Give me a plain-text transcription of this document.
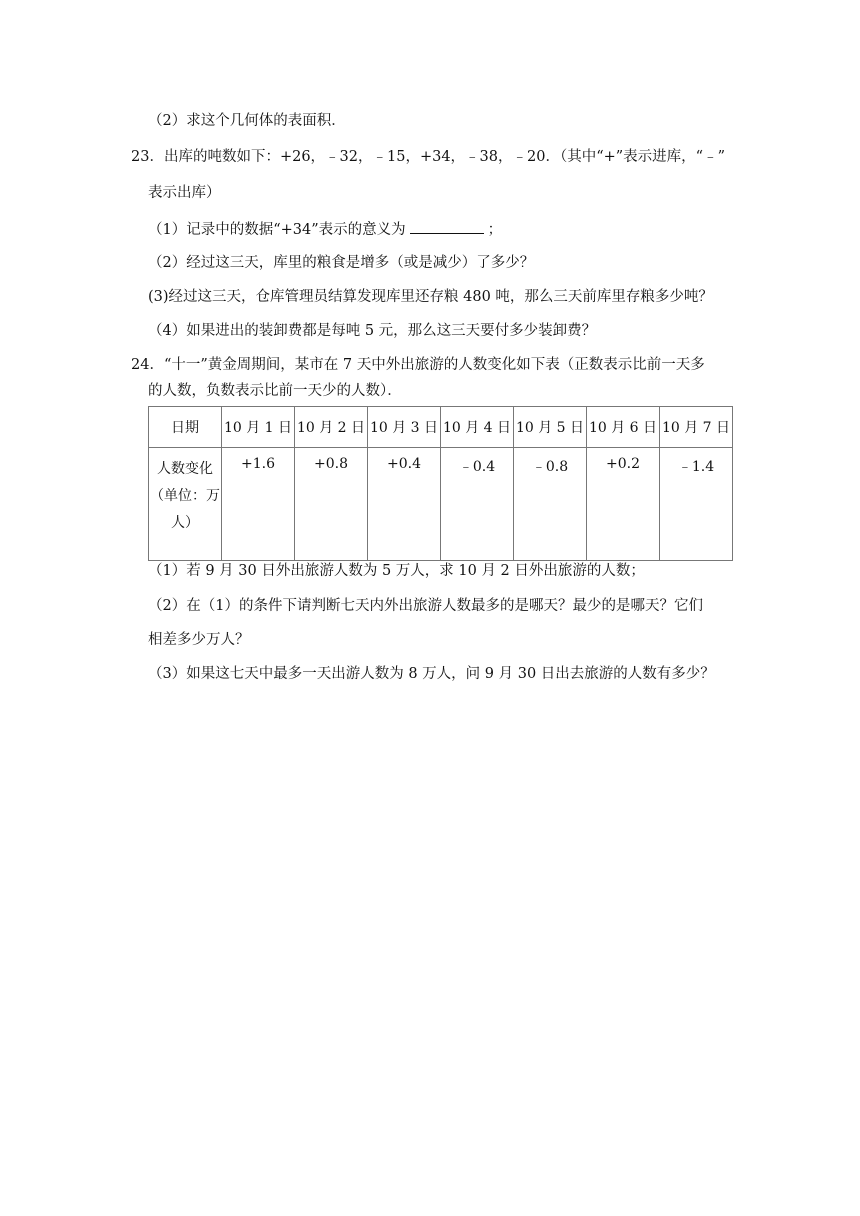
（2）求这个几何体的表面积．
23．出库的吨数如下：+26，﹣32，﹣15，+34，﹣38，﹣20．（其中“+”表示进库，“﹣”
表示出库）
（1）记录中的数据“+34”表示的意义为	；
（2）经过这三天，库里的粮食是增多（或是减少）了多少？
(3)经过这三天，仓库管理员结算发现库里还存粮 480 吨，那么三天前库里存粮多少吨？
（4）如果进出的装卸费都是每吨 5 元，那么这三天要付多少装卸费？
24．“十一”黄金周期间，某市在 7 天中外出旅游的人数变化如下表（正数表示比前一天多
的人数，负数表示比前一天少的人数）．
日期	10 月 1 日	10 月 2 日	10 月 3 日	10 月 4 日	10 月 5 日	10 月 6 日	10 月 7 日

人数变化
（单位：万
人）	+1.6	+0.8	+0.4	﹣0.4	﹣0.8	+0.2	﹣1.4
（1）若 9 月 30 日外出旅游人数为 5 万人，求 10 月 2 日外出旅游的人数；
（2）在（1）的条件下请判断七天内外出旅游人数最多的是哪天？最少的是哪天？它们
相差多少万人？
（3）如果这七天中最多一天出游人数为 8 万人，问 9 月 30 日出去旅游的人数有多少？
